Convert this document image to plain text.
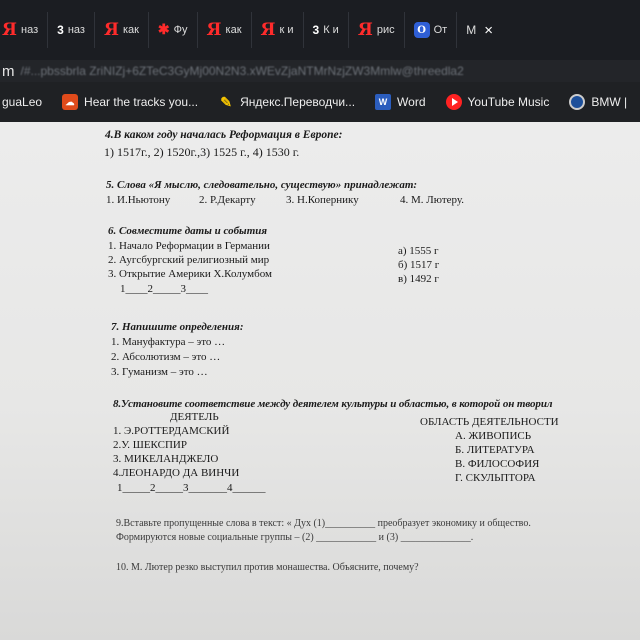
Я наз 3 наз Я как ✱ Фу Я как Я к и 3 К и Я рис	O От M ×
m /#...pbssbrla ZriNIZj+6ZTeC3GyMj00N2N3.xWEvZjaNTMrNzjZW3Mmlw@threedla2
guaLeo	☁ Hear the tracks you... ✎ Яндекс.Переводчи...	W Word	YouTube Music	BMW |
4.В каком году началась Реформация в Европе:
1) 1517г., 2) 1520г.,3) 1525 г., 4) 1530 г.
5. Слова «Я мыслю, следовательно, существую» принадлежат:
1. И.Ньютону	2. Р.Декарту	3. Н.Копернику	4. М. Лютеру.
6. Совместите даты и события
1. Начало Реформации в Германии
2. Аугсбургский религиозный мир
3. Открытие Америки Х.Колумбом
а) 1555 г
б) 1517 г
в) 1492 г
1____2_____3____
7. Напишите определения:
1. Мануфактура – это …
2. Абсолютизм – это …
3. Гуманизм – это …
8.Установите соответствие между деятелем культуры и областью, в которой он творил
ДЕЯТЕЛЬ	ОБЛАСТЬ ДЕЯТЕЛЬНОСТИ
1. Э.РОТТЕРДАМСКИЙ
2.У. ШЕКСПИР
3. МИКЕЛАНДЖЕЛО
4.ЛЕОНАРДО ДА ВИНЧИ
А. ЖИВОПИСЬ
Б. ЛИТЕРАТУРА
В. ФИЛОСОФИЯ
Г. СКУЛЬПТОРА
1_____2_____3_______4______
9.Вставьте пропущенные слова в текст: « Дух (1)__________ преобразует экономику и общество.
Формируются новые социальные группы – (2) ____________ и (3) ______________.
10. М. Лютер резко выступил против монашества. Объясните, почему?
